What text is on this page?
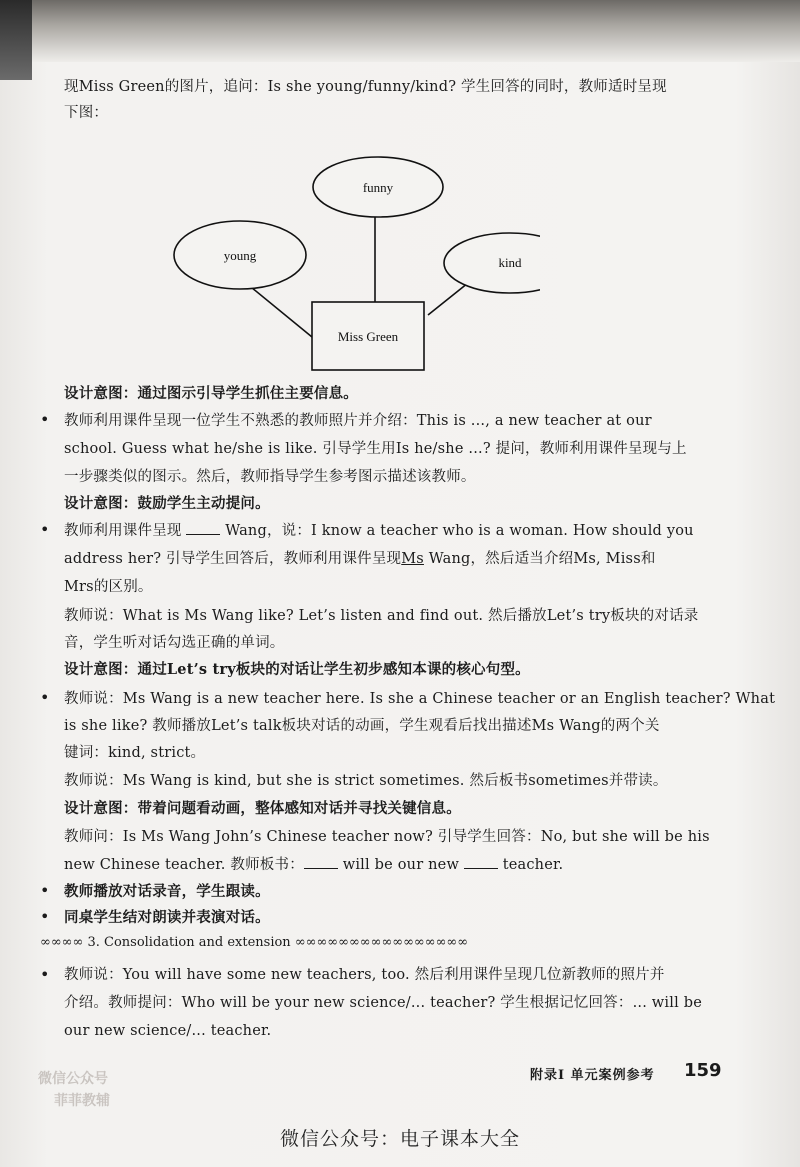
现Miss Green的图片，追问：Is she young/funny/kind? 学生回答的同时，教师适时呈现
下图：
funny
young	kind
Miss Green
设计意图：通过图示引导学生抓住主要信息。
• 教师利用课件呈现一位学生不熟悉的教师照片并介绍：This is ..., a new teacher at our
school. Guess what he/she is like. 引导学生用Is he/she ...? 提问，教师利用课件呈现与上
一步骤类似的图示。然后，教师指导学生参考图示描述该教师。
设计意图：鼓励学生主动提问。
• 教师利用课件呈现	Wang，说：I know a teacher who is a woman. How should you
address her? 引导学生回答后，教师利用课件呈现Ms Wang，然后适当介绍Ms, Miss和
Mrs的区别。
教师说：What is Ms Wang like? Let’s listen and find out. 然后播放Let’s try板块的对话录
音，学生听对话勾选正确的单词。
设计意图：通过Let’s try板块的对话让学生初步感知本课的核心句型。
• 教师说：Ms Wang is a new teacher here. Is she a Chinese teacher or an English teacher? What
is she like? 教师播放Let’s talk板块对话的动画，学生观看后找出描述Ms Wang的两个关
键词：kind, strict。
教师说：Ms Wang is kind, but she is strict sometimes. 然后板书sometimes并带读。
设计意图：带着问题看动画，整体感知对话并寻找关键信息。
教师问：Is Ms Wang John’s Chinese teacher now? 引导学生回答：No, but she will be his
new Chinese teacher. 教师板书： will be our new  teacher.
• 教师播放对话录音，学生跟读。
• 同桌学生结对朗读并表演对话。
∞∞∞∞ 3. Consolidation and extension ∞∞∞∞∞∞∞∞∞∞∞∞∞∞∞∞
• 教师说：You will have some new teachers, too. 然后利用课件呈现几位新教师的照片并
介绍。教师提问：Who will be your new science/... teacher? 学生根据记忆回答：... will be
our new science/... teacher.
附录I 单元案例参考 159
微信公众号
菲菲教辅
微信公众号：电子课本大全
